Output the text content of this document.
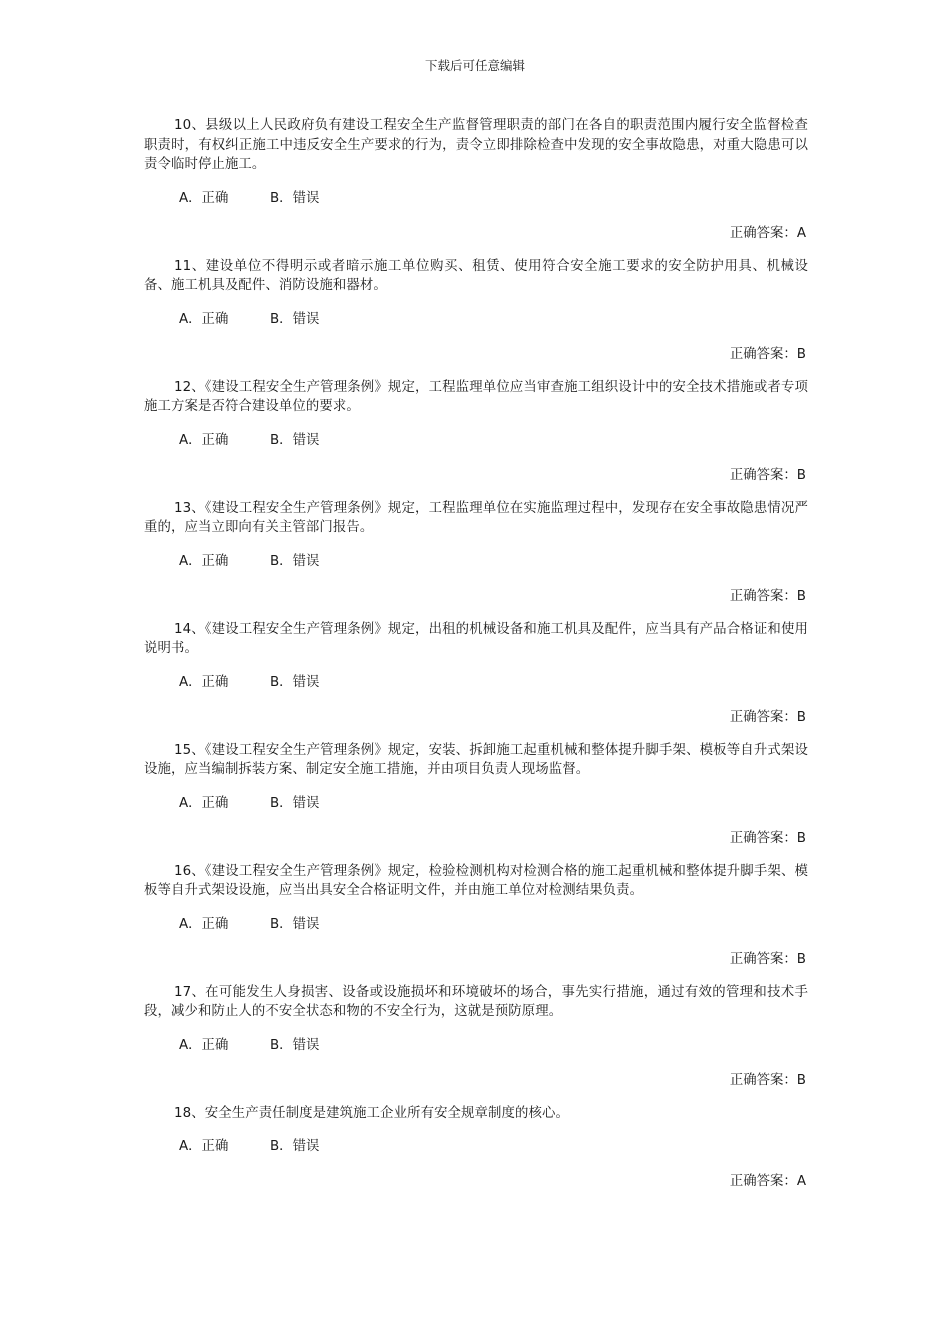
下载后可任意编辑

10、县级以上人民政府负有建设工程安全生产监督管理职责的部门在各自的职责范围内履行安全监督检查职责时，有权纠正施工中违反安全生产要求的行为，责令立即排除检查中发现的安全事故隐患，对重大隐患可以责令临时停止施工。

A．正确	B．错误
正确答案：A

11、建设单位不得明示或者暗示施工单位购买、租赁、使用符合安全施工要求的安全防护用具、机械设备、施工机具及配件、消防设施和器材。

A．正确	B．错误
正确答案：B

12、《建设工程安全生产管理条例》规定，工程监理单位应当审查施工组织设计中的安全技术措施或者专项施工方案是否符合建设单位的要求。

A．正确	B．错误
正确答案：B

13、《建设工程安全生产管理条例》规定，工程监理单位在实施监理过程中，发现存在安全事故隐患情况严重的，应当立即向有关主管部门报告。

A．正确	B．错误
正确答案：B

14、《建设工程安全生产管理条例》规定，出租的机械设备和施工机具及配件，应当具有产品合格证和使用说明书。

A．正确	B．错误
正确答案：B

15、《建设工程安全生产管理条例》规定，安装、拆卸施工起重机械和整体提升脚手架、模板等自升式架设设施，应当编制拆装方案、制定安全施工措施，并由项目负责人现场监督。

A．正确	B．错误
正确答案：B

16、《建设工程安全生产管理条例》规定，检验检测机构对检测合格的施工起重机械和整体提升脚手架、模板等自升式架设设施，应当出具安全合格证明文件，并由施工单位对检测结果负责。

A．正确	B．错误
正确答案：B

17、在可能发生人身损害、设备或设施损坏和环境破坏的场合，事先实行措施，通过有效的管理和技术手段，减少和防止人的不安全状态和物的不安全行为，这就是预防原理。

A．正确	B．错误
正确答案：B

18、安全生产责任制度是建筑施工企业所有安全规章制度的核心。

A．正确	B．错误
正确答案：A
